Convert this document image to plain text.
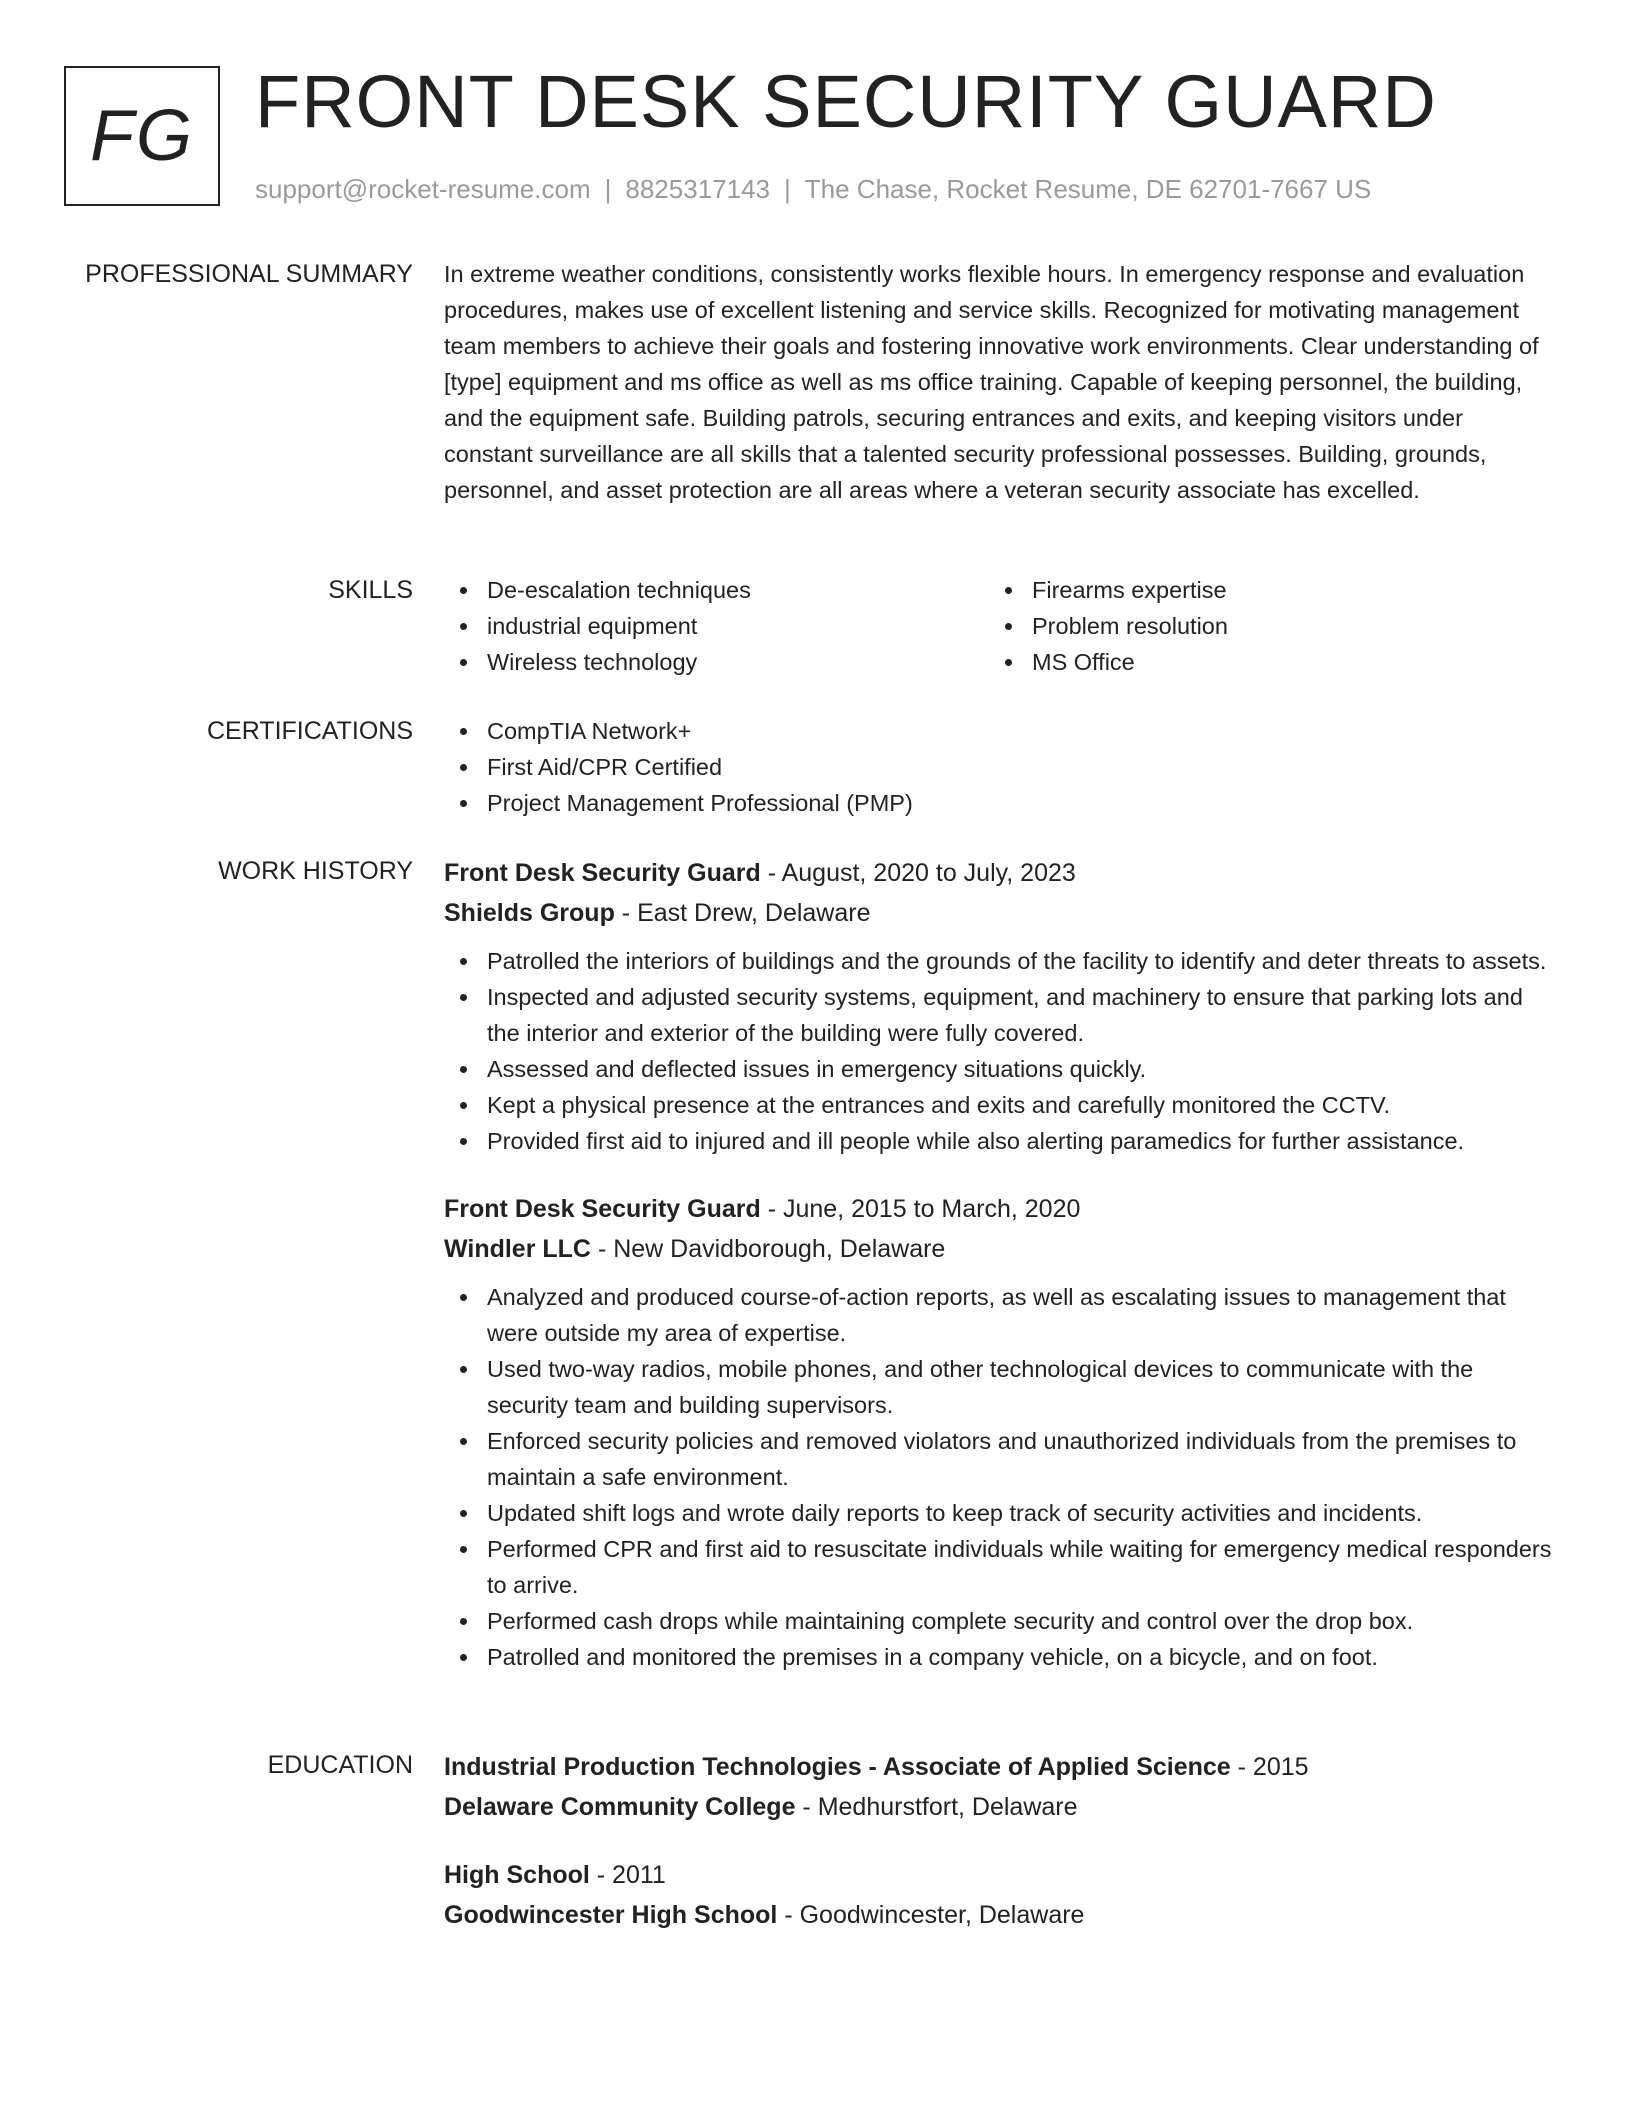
FG FRONT DESK SECURITY GUARD
support@rocket-resume.com | 8825317143 | The Chase, Rocket Resume, DE 62701-7667 US
PROFESSIONAL SUMMARY In extreme weather conditions, consistently works flexible hours. In emergency response and evaluation procedures, makes use of excellent listening and service skills. Recognized for motivating management team members to achieve their goals and fostering innovative work environments. Clear understanding of [type] equipment and ms office as well as ms office training. Capable of keeping personnel, the building, and the equipment safe. Building patrols, securing entrances and exits, and keeping visitors under constant surveillance are all skills that a talented security professional possesses. Building, grounds, personnel, and asset protection are all areas where a veteran security associate has excelled.
SKILLS	De-escalation techniques
industrial equipment
Wireless technology
Firearms expertise
Problem resolution
MS Office
CERTIFICATIONS	CompTIA Network+
First Aid/CPR Certified
Project Management Professional (PMP)
WORK HISTORY Front Desk Security Guard - August, 2020 to July, 2023
Shields Group - East Drew, Delaware
Patrolled the interiors of buildings and the grounds of the facility to identify and deter threats to assets.
Inspected and adjusted security systems, equipment, and machinery to ensure that parking lots and the interior and exterior of the building were fully covered.
Assessed and deflected issues in emergency situations quickly.
Kept a physical presence at the entrances and exits and carefully monitored the CCTV.
Provided first aid to injured and ill people while also alerting paramedics for further assistance.
Front Desk Security Guard - June, 2015 to March, 2020
Windler LLC - New Davidborough, Delaware
Analyzed and produced course-of-action reports, as well as escalating issues to management that were outside my area of expertise.
Used two-way radios, mobile phones, and other technological devices to communicate with the security team and building supervisors.
Enforced security policies and removed violators and unauthorized individuals from the premises to maintain a safe environment.
Updated shift logs and wrote daily reports to keep track of security activities and incidents.
Performed CPR and first aid to resuscitate individuals while waiting for emergency medical responders to arrive.
Performed cash drops while maintaining complete security and control over the drop box.
Patrolled and monitored the premises in a company vehicle, on a bicycle, and on foot.
EDUCATION Industrial Production Technologies - Associate of Applied Science - 2015
Delaware Community College - Medhurstfort, Delaware
High School - 2011
Goodwincester High School - Goodwincester, Delaware
